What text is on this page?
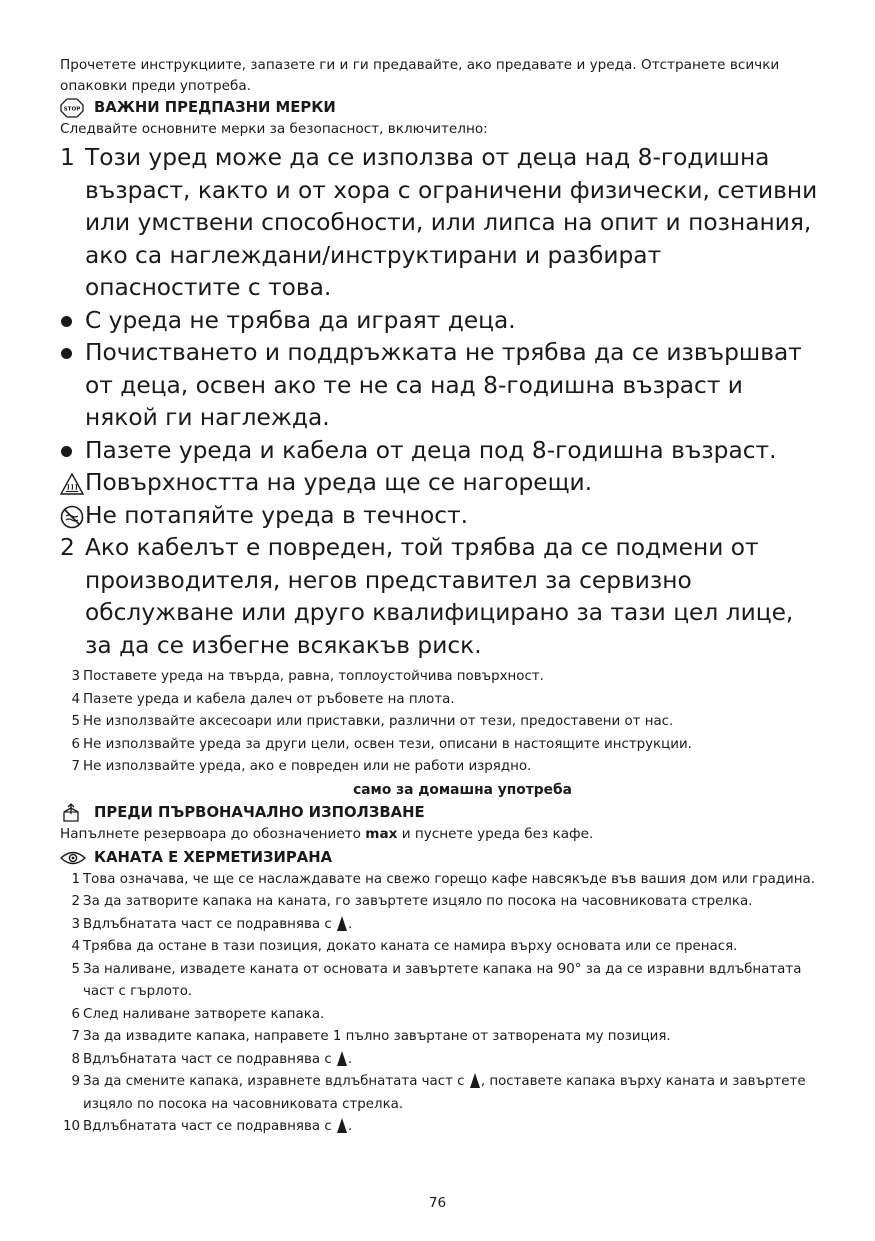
Прочетете инструкциите, запазете ги и ги предавайте, ако предавате и уреда. Отстранете всички опаковки преди употреба.

STOP ВАЖНИ ПРЕДПАЗНИ МЕРКИ

Следвайте основните мерки за безопасност, включително:

1 Този уред може да се използва от деца над 8-годишна възраст, както и от хора с ограничени физически, сетивни или умствени способности, или липса на опит и познания, ако са наглеждани/инструктирани и разбират опасностите с това.
С уреда не трябва да играят деца.
Почистването и поддръжката не трябва да се извършват от деца, освен ако те не са над 8-годишна възраст и някой ги наглежда.
Пазете уреда и кабела от деца под 8-годишна възраст.
Повърхността на уреда ще се нагорещи.
Не потапяйте уреда в течност.
2 Ако кабелът е повреден, той трябва да се подмени от производителя, негов представител за сервизно обслужване или друго квалифицирано за тази цел лице, за да се избегне всякакъв риск.
3 Поставете уреда на твърда, равна, топлоустойчива повърхност.
4 Пазете уреда и кабела далеч от ръбовете на плота.
5 Не използвайте аксесоари или приставки, различни от тези, предоставени от нас.
6 Не използвайте уреда за други цели, освен тези, описани в настоящите инструкции.
7 Не използвайте уреда, ако е повреден или не работи изрядно.

само за домашна употреба

ПРЕДИ ПЪРВОНАЧАЛНО ИЗПОЛЗВАНЕ

Напълнете резервоара до обозначението max и пуснете уреда без кафе.

КАНАТА Е ХЕРМЕТИЗИРАНА

1 Това означава, че ще се наслаждавате на свежо горещо кафе навсякъде във вашия дом или градина.
2 За да затворите капака на каната, го завъртете изцяло по посока на часовниковата стрелка.
3 Вдлъбнатата част се подравнява с .
4 Трябва да остане в тази позиция, докато каната се намира върху основата или се пренася.
5 За наливане, извадете каната от основата и завъртете капака на 90° за да се изравни вдлъбнатата част с гърлото.
6 След наливане затворете капака.
7 За да извадите капака, направете 1 пълно завъртане от затворената му позиция.
8 Вдлъбнатата част се подравнява с .
9 За да смените капака, изравнете вдлъбнатата част с , поставете капака върху каната и завъртете изцяло по посока на часовниковата стрелка.
10 Вдлъбнатата част се подравнява с .
76
